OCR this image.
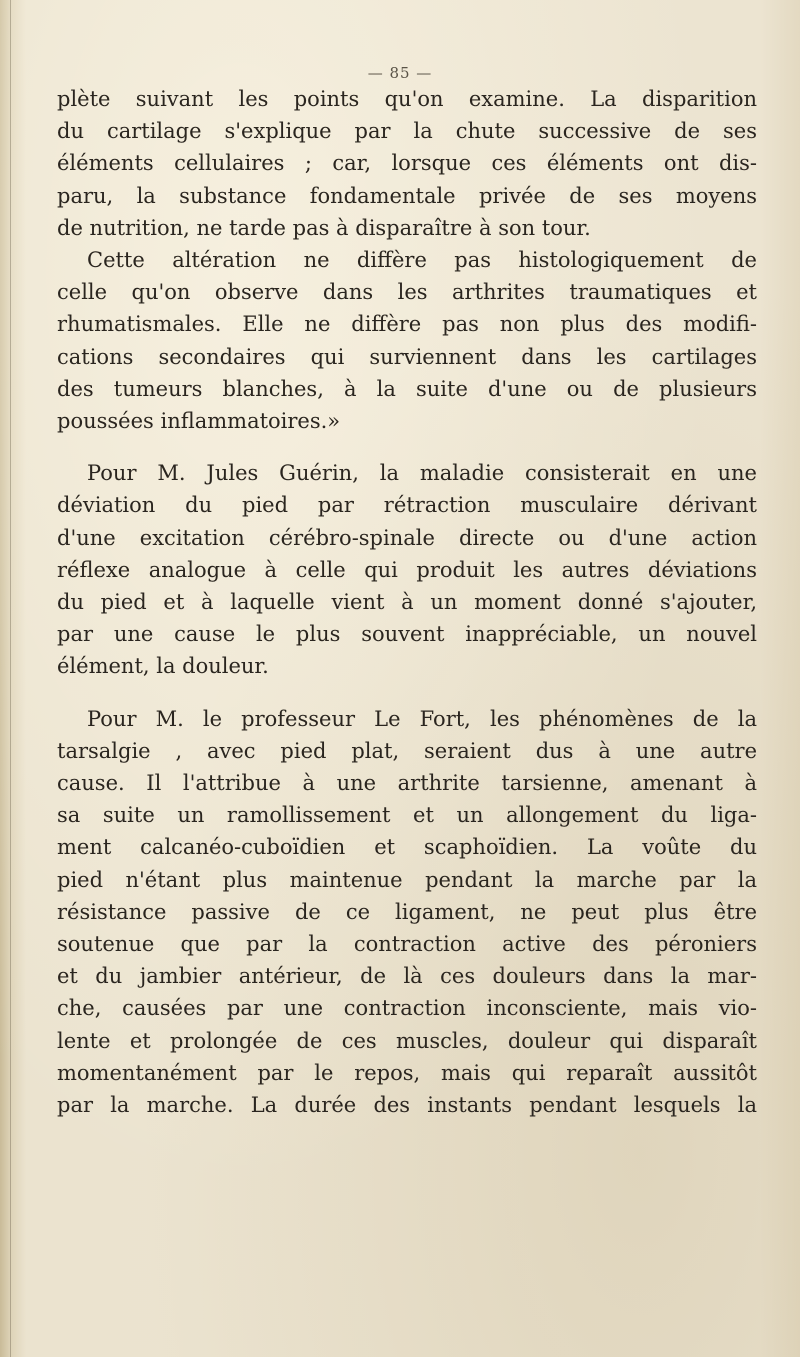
— 85 —
plète suivant les points qu'on examine. La disparition
du cartilage s'explique par la chute successive de ses
éléments cellulaires ; car, lorsque ces éléments ont dis-
paru, la substance fondamentale privée de ses moyens
de nutrition, ne tarde pas à disparaître à son tour.
Cette altération ne diffère pas histologiquement de
celle qu'on observe dans les arthrites traumatiques et
rhumatismales. Elle ne diffère pas non plus des modifi-
cations secondaires qui surviennent dans les cartilages
des tumeurs blanches, à la suite d'une ou de plusieurs
poussées inflammatoires.»
Pour M. Jules Guérin, la maladie consisterait en une
déviation du pied par rétraction musculaire dérivant
d'une excitation cérébro-spinale directe ou d'une action
réflexe analogue à celle qui produit les autres déviations
du pied et à laquelle vient à un moment donné s'ajouter,
par une cause le plus souvent inappréciable, un nouvel
élément, la douleur.
Pour M. le professeur Le Fort, les phénomènes de la
tarsalgie , avec pied plat, seraient dus à une autre
cause. Il l'attribue à une arthrite tarsienne, amenant à
sa suite un ramollissement et un allongement du liga-
ment calcanéo-cuboïdien et scaphoïdien. La voûte du
pied n'étant plus maintenue pendant la marche par la
résistance passive de ce ligament, ne peut plus être
soutenue que par la contraction active des péroniers
et du jambier antérieur, de là ces douleurs dans la mar-
che, causées par une contraction inconsciente, mais vio-
lente et prolongée de ces muscles, douleur qui disparaît
momentanément par le repos, mais qui reparaît aussitôt
par la marche. La durée des instants pendant lesquels la
